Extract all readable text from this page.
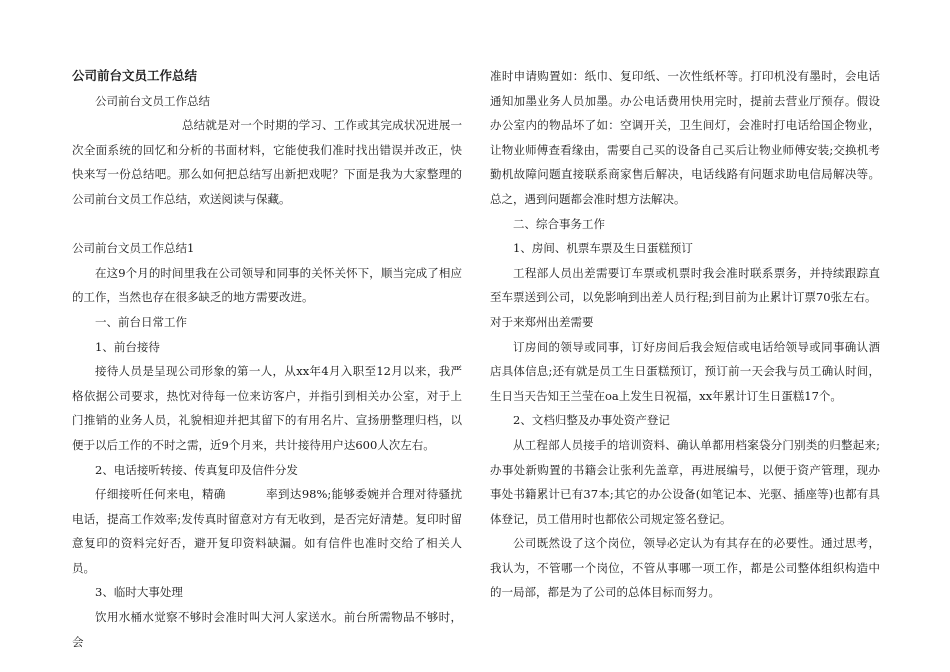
公司前台文员工作总结

公司前台文员工作总结

总结就是对一个时期的学习、工作或其完成状况进展一次全面系统的回忆和分析的书面材料，它能使我们准时找出错误并改正，快快来写一份总结吧。那么如何把总结写出新把戏呢？下面是我为大家整理的公司前台文员工作总结，欢送阅读与保藏。

公司前台文员工作总结1

在这9个月的时间里我在公司领导和同事的关怀关怀下，顺当完成了相应的工作，当然也存在很多缺乏的地方需要改进。

一、前台日常工作

1、前台接待

接待人员是呈现公司形象的第一人，从xx年4月入职至12月以来，我严格依据公司要求，热忱对待每一位来访客户，并指引到相关办公室，对于上门推销的业务人员，礼貌相迎并把其留下的有用名片、宣扬册整理归档，以便于以后工作的不时之需，近9个月来，共计接待用户达600人次左右。

2、电话接听转接、传真复印及信件分发

仔细接听任何来电，精确	率到达98%;能够委婉并合理对待骚扰电话，提高工作效率;发传真时留意对方有无收到，是否完好清楚。复印时留意复印的资料完好否，避开复印资料缺漏。如有信件也准时交给了相关人员。

3、临时大事处理

饮用水桶水觉察不够时会准时叫大河人家送水。前台所需物品不够时，会

准时申请购置如：纸巾、复印纸、一次性纸杯等。打印机没有墨时，会电话通知加墨业务人员加墨。办公电话费用快用完时，提前去营业厅预存。假设办公室内的物品坏了如：空调开关，卫生间灯，会准时打电话给国企物业，让物业师傅查看缘由，需要自己买的设备自己买后让物业师傅安装;交换机考勤机故障问题直接联系商家售后解决，电话线路有问题求助电信局解决等。总之，遇到问题都会准时想方法解决。

二、综合事务工作

1、房间、机票车票及生日蛋糕预订

工程部人员出差需要订车票或机票时我会准时联系票务，并持续跟踪直至车票送到公司，以免影响到出差人员行程;到目前为止累计订票70张左右。

对于来郑州出差需要

订房间的领导或同事，订好房间后我会短信或电话给领导或同事确认酒店具体信息;还有就是员工生日蛋糕预订，预订前一天会我与员工确认时间，生日当天告知王兰莹在oa上发生日祝福，xx年累计订生日蛋糕17个。

2、文档归整及办事处资产登记

从工程部人员接手的培训资料、确认单都用档案袋分门别类的归整起来;办事处新购置的书籍会让张利先盖章，再进展编号，以便于资产管理，现办事处书籍累计已有37本;其它的办公设备(如笔记本、光驱、插座等)也都有具体登记，员工借用时也都依公司规定签名登记。

公司既然设了这个岗位，领导必定认为有其存在的必要性。通过思考，我认为，不管哪一个岗位，不管从事哪一项工作，都是公司整体组织构造中的一局部，都是为了公司的总体目标而努力。
